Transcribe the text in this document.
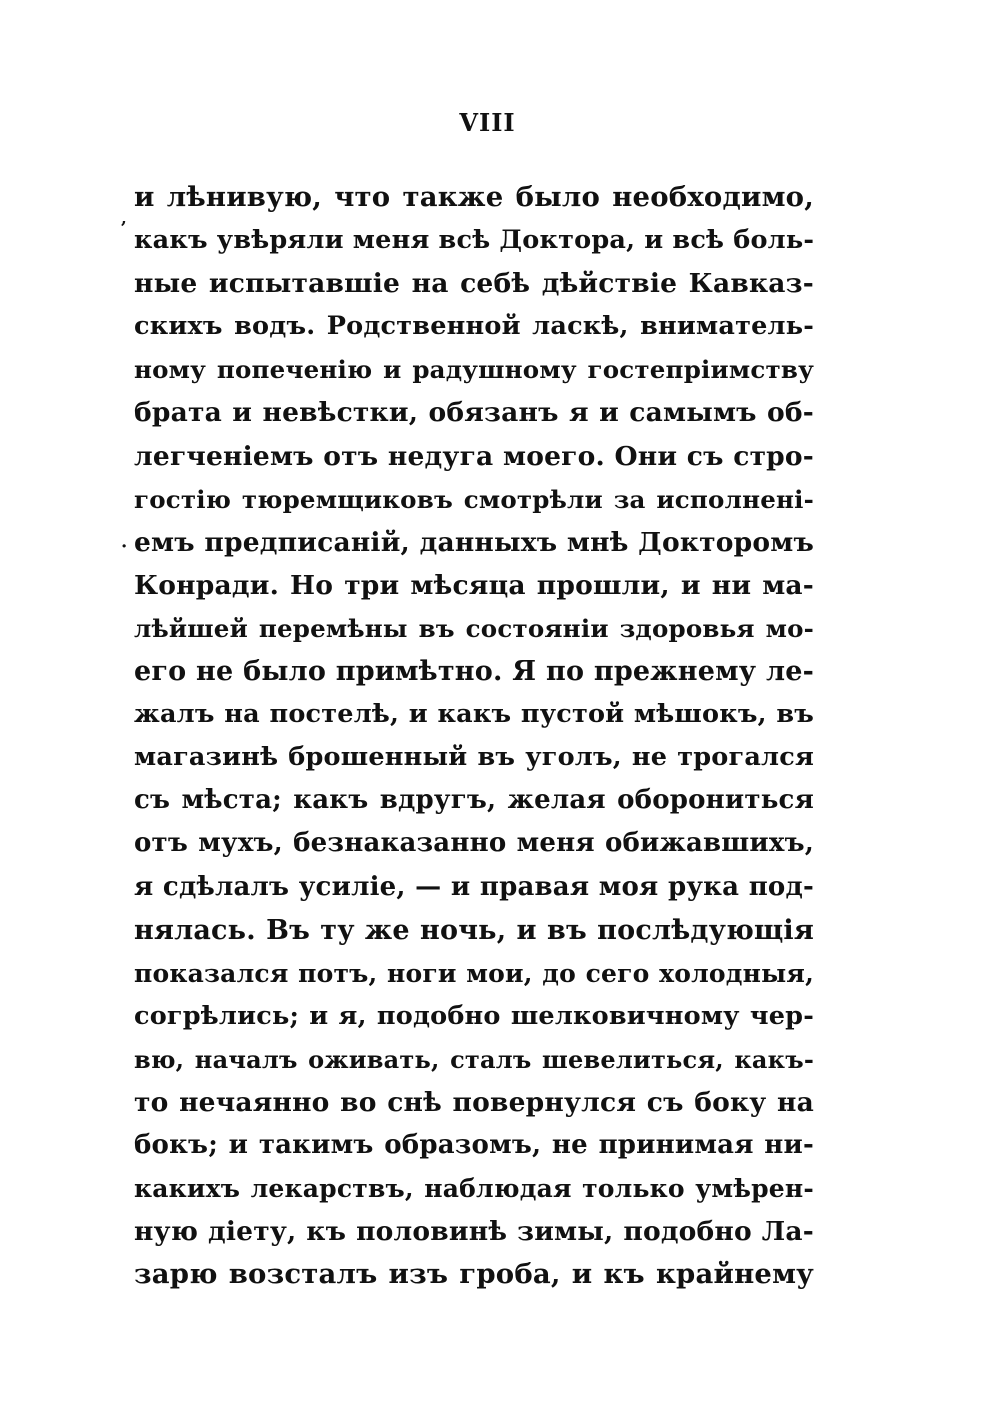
VIII
ʼ
·
и лѣнивую, что также было необходимо,
какъ увѣряли меня всѣ Доктора, и всѣ боль-
ные испытавшіе на себѣ дѣйствіе Кавказ-
скихъ водъ. Родственной ласкѣ, вниматель-
ному попеченію и радушному гостепріимству
брата и невѣстки, обязанъ я и самымъ об-
легченіемъ отъ недуга моего. Они съ стро-
гостію тюремщиковъ смотрѣли за исполнені-
емъ предписаній, данныхъ мнѣ Докторомъ
Конради. Но три мѣсяца прошли, и ни ма-
лѣйшей перемѣны въ состояніи здоровья мо-
его не было примѣтно. Я по прежнему ле-
жалъ на постелѣ, и какъ пустой мѣшокъ, въ
магазинѣ брошенный въ уголъ, не трогался
съ мѣста; какъ вдругъ, желая оборониться
отъ мухъ, безнаказанно меня обижавшихъ,
я сдѣлалъ усиліе, — и правая моя рука под-
нялась. Въ ту же ночь, и въ послѣдующія
показался потъ, ноги мои, до сего холодныя,
согрѣлись; и я, подобно шелковичному чер-
вю, началъ оживать, сталъ шевелиться, какъ-
то нечаянно во снѣ повернулся съ боку на
бокъ; и такимъ образомъ, не принимая ни-
какихъ лекарствъ, наблюдая только умѣрен-
ную діету, къ половинѣ зимы, подобно Ла-
зарю возсталъ изъ гроба, и къ крайнему
